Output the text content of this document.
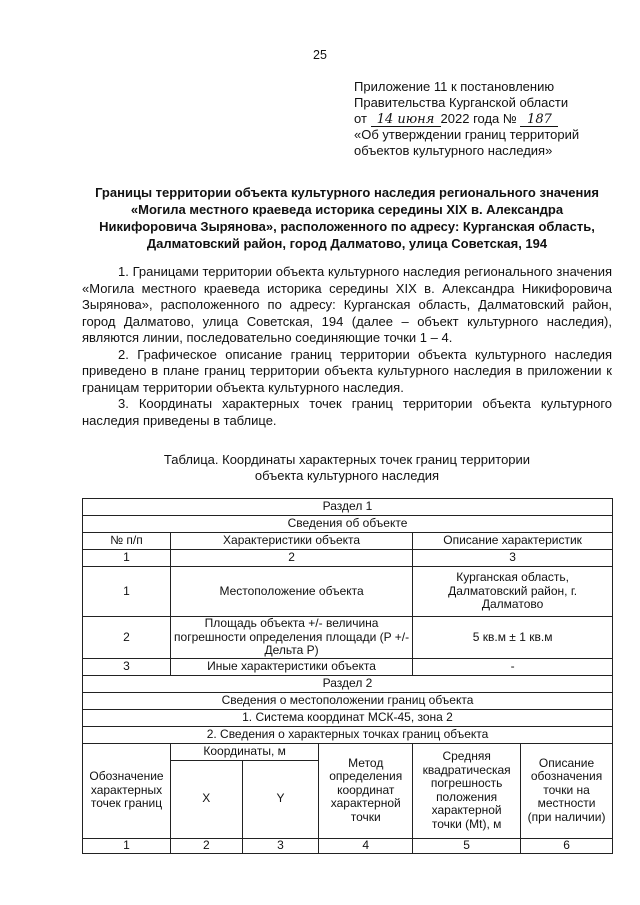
25
Приложение 11 к постановлению
Правительства Курганской области
от 14 июня 2022 года № 187
«Об утверждении границ территорий
объектов культурного наследия»
Границы территории объекта культурного наследия регионального значения «Могила местного краеведа историка середины XIX в. Александра Никифоровича Зырянова», расположенного по адресу: Курганская область, Далматовский район, город Далматово, улица Советская, 194

1. Границами территории объекта культурного наследия регионального значения «Могила местного краеведа историка середины XIX в. Александра Никифоровича Зырянова», расположенного по адресу: Курганская область, Далматовский район, город Далматово, улица Советская, 194 (далее – объект культурного наследия), являются линии, последовательно соединяющие точки 1 – 4.

2. Графическое описание границ территории объекта культурного наследия приведено в плане границ территории объекта культурного наследия в приложении к границам территории объекта культурного наследия.

3. Координаты характерных точек границ территории объекта культурного наследия приведены в таблице.

Таблица. Координаты характерных точек границ территории
объекта культурного наследия
Раздел 1					
Сведения об объекте					
№ п/п	Характеристики объекта			Описание характеристик	
1	2			3	
1	Местоположение объекта			Курганская область, Далматовский район, г. Далматово	
2	Площадь объекта +/- величина погрешности определения площади (P +/- Дельта P)			5 кв.м ± 1 кв.м	
3	Иные характеристики объекта			-	
Раздел 2					
Сведения о местоположении границ объекта					
1. Система координат МСК-45, зона 2					
2. Сведения о характерных точках границ объекта					
Обозначение характерных точек границ	Координаты, м		Метод определения координат характерной точки	Средняя квадратическая погрешность положения характерной точки (Mt), м	Описание обозначения точки на местности (при наличии)
	X	Y			
1	2	3	4	5	6
